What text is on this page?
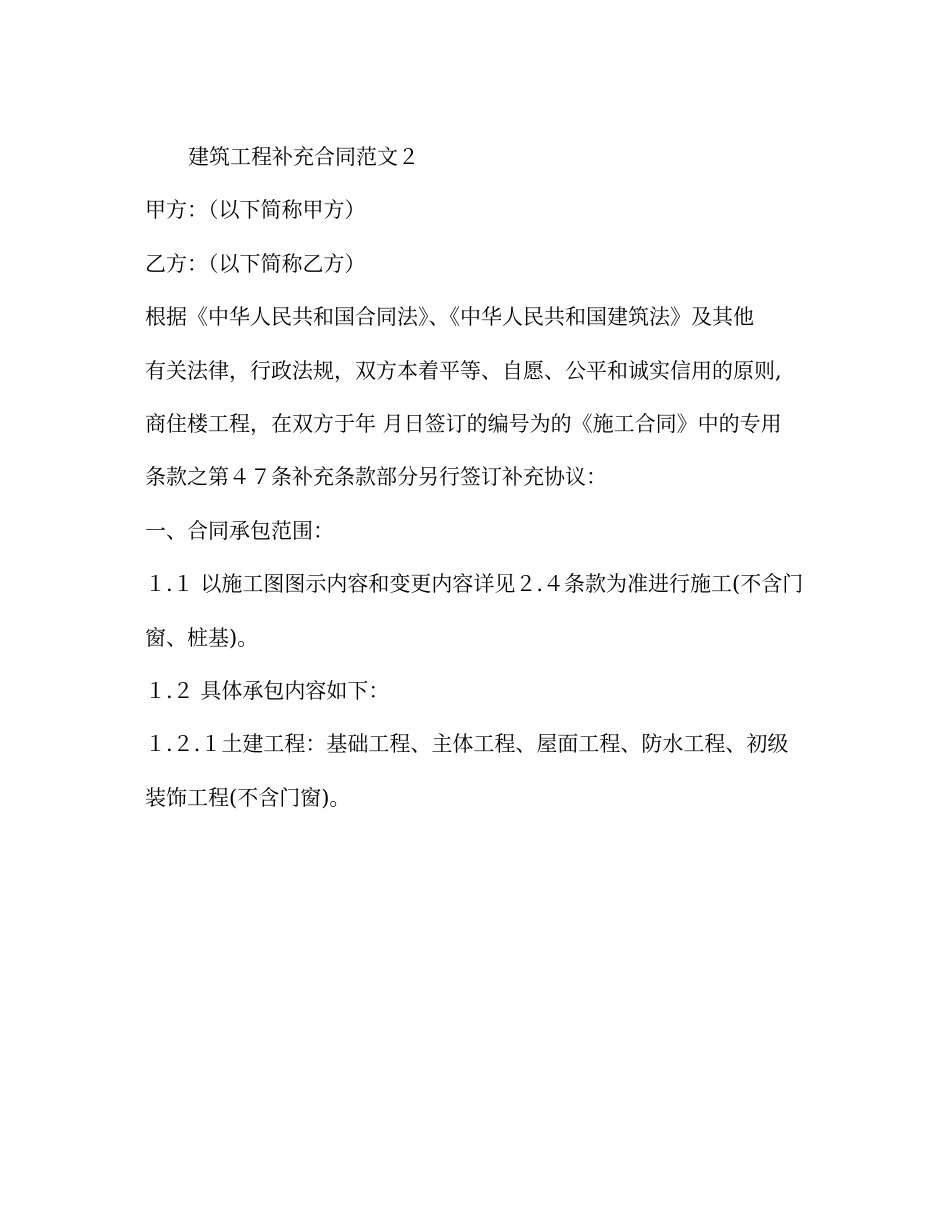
建筑工程补充合同范文２

甲方：（以下简称甲方）

乙方：（以下简称乙方）

根据《中华人民共和国合同法》、《中华人民共和国建筑法》及其他

有关法律，行政法规，双方本着平等、自愿、公平和诚实信用的原则,

商住楼工程，在双方于年 月日签订的编号为的《施工合同》中的专用

条款之第４７条补充条款部分另行签订补充协议：

一、合同承包范围：

１.１ 以施工图图示内容和变更内容详见２.４条款为准进行施工(不含门

窗、桩基)。

１.２ 具体承包内容如下：

１.２.１土建工程：基础工程、主体工程、屋面工程、防水工程、初级

装饰工程(不含门窗)。
